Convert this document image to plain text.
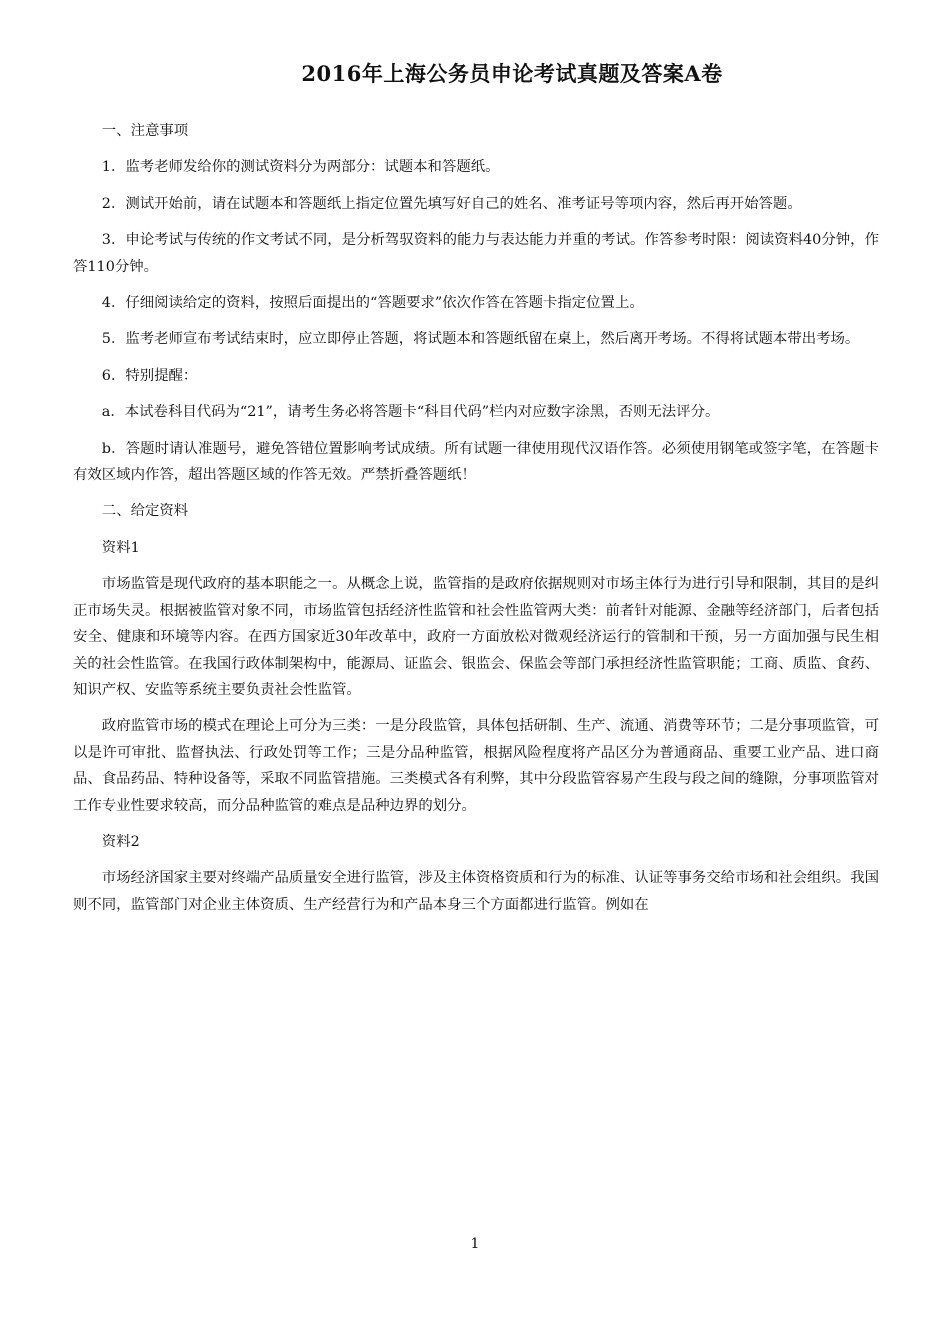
2016年上海公务员申论考试真题及答案A卷

一、注意事项

1．监考老师发给你的测试资料分为两部分：试题本和答题纸。

2．测试开始前，请在试题本和答题纸上指定位置先填写好自己的姓名、准考证号等项内容，然后再开始答题。

3．申论考试与传统的作文考试不同，是分析驾驭资料的能力与表达能力并重的考试。作答参考时限：阅读资料40分钟，作答110分钟。

4．仔细阅读给定的资料，按照后面提出的“答题要求”依次作答在答题卡指定位置上。

5．监考老师宣布考试结束时，应立即停止答题，将试题本和答题纸留在桌上，然后离开考场。不得将试题本带出考场。

6．特别提醒：

a．本试卷科目代码为“21”，请考生务必将答题卡“科目代码”栏内对应数字涂黑，否则无法评分。

b．答题时请认准题号，避免答错位置影响考试成绩。所有试题一律使用现代汉语作答。必须使用钢笔或签字笔，在答题卡有效区域内作答，超出答题区域的作答无效。严禁折叠答题纸！

二、给定资料

资料1

市场监管是现代政府的基本职能之一。从概念上说，监管指的是政府依据规则对市场主体行为进行引导和限制，其目的是纠正市场失灵。根据被监管对象不同，市场监管包括经济性监管和社会性监管两大类：前者针对能源、金融等经济部门，后者包括安全、健康和环境等内容。在西方国家近30年改革中，政府一方面放松对微观经济运行的管制和干预，另一方面加强与民生相关的社会性监管。在我国行政体制架构中，能源局、证监会、银监会、保监会等部门承担经济性监管职能；工商、质监、食药、知识产权、安监等系统主要负责社会性监管。

政府监管市场的模式在理论上可分为三类：一是分段监管，具体包括研制、生产、流通、消费等环节；二是分事项监管，可以是许可审批、监督执法、行政处罚等工作；三是分品种监管，根据风险程度将产品区分为普通商品、重要工业产品、进口商品、食品药品、特种设备等，采取不同监管措施。三类模式各有利弊，其中分段监管容易产生段与段之间的缝隙，分事项监管对工作专业性要求较高，而分品种监管的难点是品种边界的划分。

资料2

市场经济国家主要对终端产品质量安全进行监管，涉及主体资格资质和行为的标准、认证等事务交给市场和社会组织。我国则不同，监管部门对企业主体资质、生产经营行为和产品本身三个方面都进行监管。例如在

1
